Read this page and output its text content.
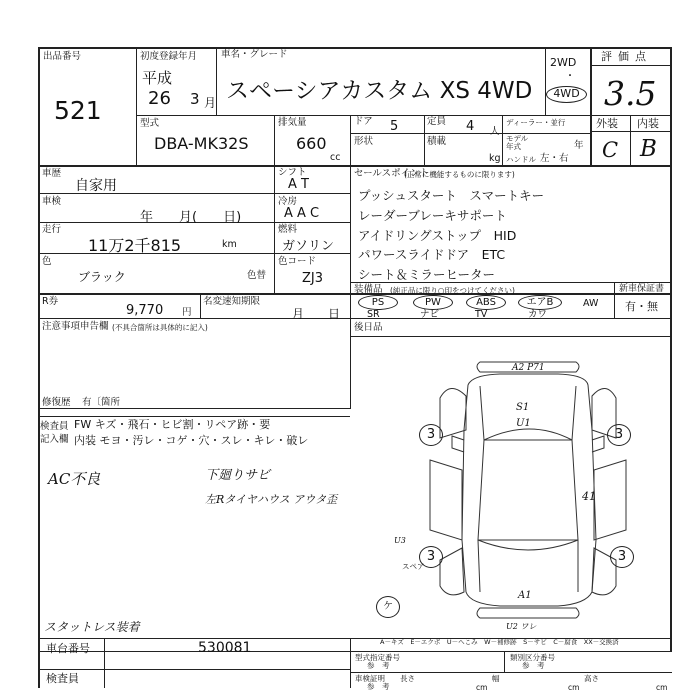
出品番号
521
初度登録年月
平成
26 3 月
車名・グレード
スペーシアカスタム XS 4WD
2WD
・
4WD
評価点
3.5
型式
DBA-MK32S
排気量
660
cc
ドア 5	定員 4 人
形状	積載
kg
ディーラー・並行
モデル
年式	年
ハンドル 左・右
外装 内装
C B
車歴
自家用
車検
年　　月(　　日)
走行
11万2千815	km
色
ブラック	色替
シフト
A T
冷房
A A C
燃料
ガソリン
色コード
ZJ3
R券
9,770 円
名変速知期限
月　　日
注意事項申告欄 (不具合箇所は具体的に記入)
修復歴 有〔箇所
セールスポイント
(正常に機能するものに限ります)
プッシュスタート　スマートキー
レーダーブレーキサポート
アイドリングストップ　HID
パワースライドドア　ETC
シート＆ミラーヒーター
装備品 (純正品に限り○印をつけてください)
PS	PW	ABS	エアB	AW
SR	ナビ	TV	カワ
新車保証書
有・無
後日品
検査員
記入欄
FW キズ・飛石・ヒビ割・リペア跡・要
内装 モヨ・汚レ・コゲ・穴・スレ・キレ・破レ
AC不良	下廻りサビ
左Rタイヤハウス アウタ歪
スタットレス装着
3	3
3	3
A2 P71
S1
U1
41
U3
スペア
A1
U2 ワレ
ケ
A－キズ　E－エクボ　U－へこみ　W－補修跡　S－サビ　C－腐食　XX－交換済
車台番号	530081
検査員
型式指定番号
参　考
類別区分番号
参　考
車検証明
参　考
長さ
cm
幅
cm
高さ
cm
